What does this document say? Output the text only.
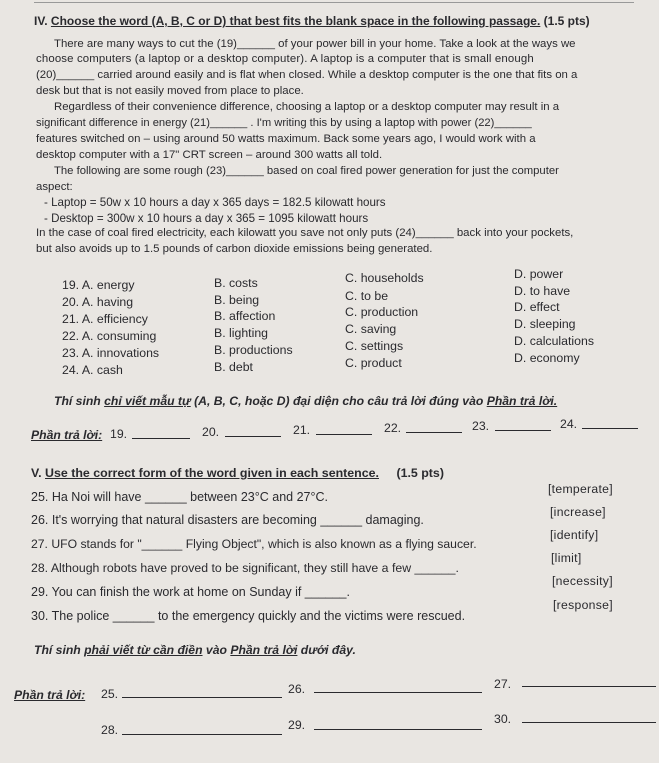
IV. Choose the word (A, B, C or D) that best fits the blank space in the following passage. (1.5 pts)
There are many ways to cut the (19)______ of your power bill in your home. Take a look at the ways we
choose computers (a laptop or a desktop computer). A laptop is a computer that is small enough
(20)______ carried around easily and is flat when closed. While a desktop computer is the one that fits on a
desk but that is not easily moved from place to place.
Regardless of their convenience difference, choosing a laptop or a desktop computer may result in a
significant difference in energy (21)______ . I'm writing this by using a laptop with power (22)______
features switched on – using around 50 watts maximum. Back some years ago, I would work with a
desktop computer with a 17" CRT screen – around 300 watts all told.
The following are some rough (23)______ based on coal fired power generation for just the computer
aspect:
- Laptop = 50w x 10 hours a day x 365 days = 182.5 kilowatt hours
- Desktop = 300w x 10 hours a day x 365 = 1095 kilowatt hours
In the case of coal fired electricity, each kilowatt you save not only puts (24)______ back into your pockets,
but also avoids up to 1.5 pounds of carbon dioxide emissions being generated.
19. A. energy	B. costs	C. households	D. power
20. A. having	B. being	C. to be	D. to have
21. A. efficiency	B. affection	C. production	D. effect
22. A. consuming	B. lighting	C. saving	D. sleeping
23. A. innovations	B. productions	C. settings	D. calculations
24. A. cash	B. debt	C. product	D. economy
Thí sinh chỉ viết mẫu tự (A, B, C, hoặc D) đại diện cho câu trả lời đúng vào Phần trả lời.
Phần trả lời: 19.	20.	21.	22.	23.	24.
V. Use the correct form of the word given in each sentence. (1.5 pts)
25. Ha Noi will have ______ between 23°C and 27°C.
[temperate]
26. It's worrying that natural disasters are becoming ______ damaging.
[increase]
27. UFO stands for "______ Flying Object", which is also known as a flying saucer.
[identify]
28. Although robots have proved to be significant, they still have a few ______.
[limit]
29. You can finish the work at home on Sunday if ______.
[necessity]
30. The police ______ to the emergency quickly and the victims were rescued.
[response]
Thí sinh phải viết từ cần điền vào Phần trả lời dưới đây.
Phần trả lời: 25.	26.	27.
28.	29.	30.
